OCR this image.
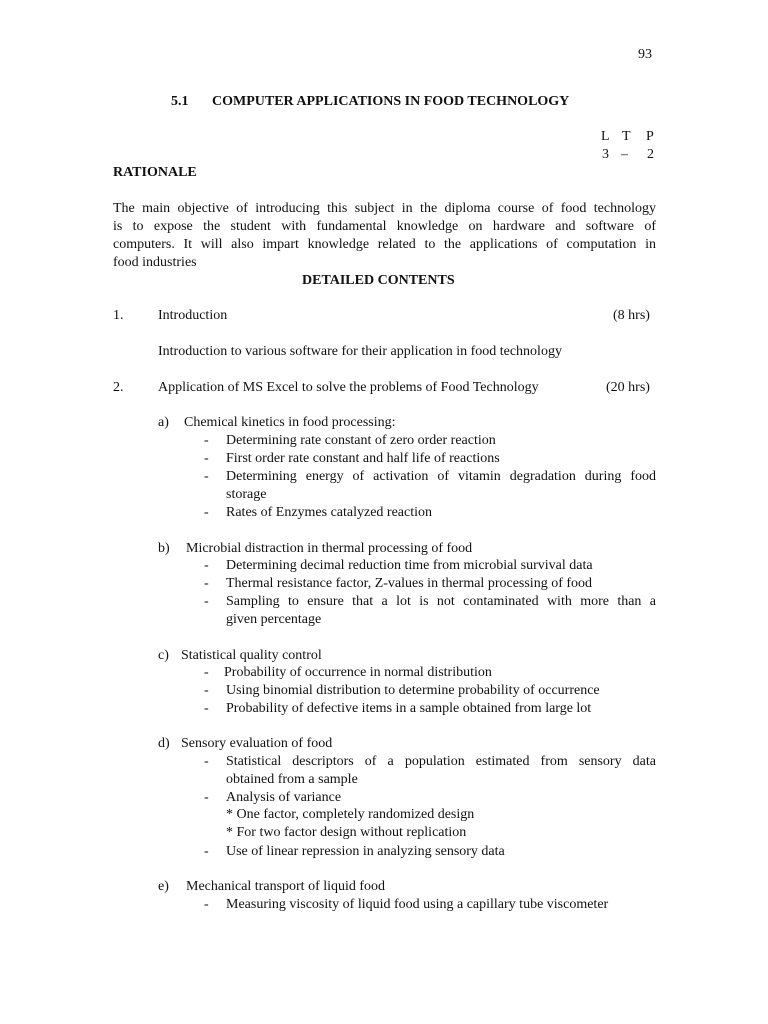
93
5.1 COMPUTER APPLICATIONS IN FOOD TECHNOLOGY
L T P
3 – 2
RATIONALE
The main objective of introducing this subject in the diploma course of food technology
is to expose the student with fundamental knowledge on hardware and software of
computers. It will also impart knowledge related to the applications of computation in
food industries
DETAILED CONTENTS
1. Introduction	(8 hrs)
Introduction to various software for their application in food technology
2. Application of MS Excel to solve the problems of Food Technology	(20 hrs)
a) Chemical kinetics in food processing:
- Determining rate constant of zero order reaction
- First order rate constant and half life of reactions
- Determining energy of activation of vitamin degradation during food
storage
- Rates of Enzymes catalyzed reaction
b) Microbial distraction in thermal processing of food
- Determining decimal reduction time from microbial survival data
- Thermal resistance factor, Z-values in thermal processing of food
- Sampling to ensure that a lot is not contaminated with more than a
given percentage
c) Statistical quality control
- Probability of occurrence in normal distribution
- Using binomial distribution to determine probability of occurrence
- Probability of defective items in a sample obtained from large lot
d) Sensory evaluation of food
- Statistical descriptors of a population estimated from sensory data
obtained from a sample
- Analysis of variance
* One factor, completely randomized design
* For two factor design without replication
- Use of linear repression in analyzing sensory data
e) Mechanical transport of liquid food
- Measuring viscosity of liquid food using a capillary tube viscometer
